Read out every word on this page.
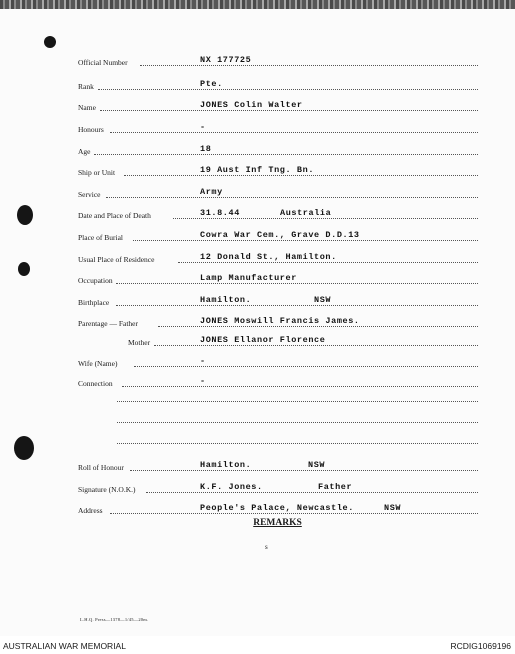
Official Number	NX 177725
Rank	Pte.
Name	JONES Colin Walter
Honours	-
Age	18
Ship or Unit	19 Aust Inf Tng. Bn.
Service	Army
Date and Place of Death	31.8.44	Australia
Place of Burial	Cowra War Cem., Grave D.D.13
Usual Place of Residence	12 Donald St., Hamilton.
Occupation	Lamp Manufacturer
Birthplace	Hamilton.	NSW
Parentage — Father	JONES Moswill Francis James.
Mother	JONES Ellanor Florence
Wife (Name)	-
Connection	-
Roll of Honour	Hamilton.	NSW
Signature (N.O.K.)	K.F. Jones.	Father
Address	People's Palace, Newcastle.	NSW
REMARKS
s
L.H.Q. Press—1378—1/45—20m.
AUSTRALIAN WAR MEMORIAL	RCDIG1069196
